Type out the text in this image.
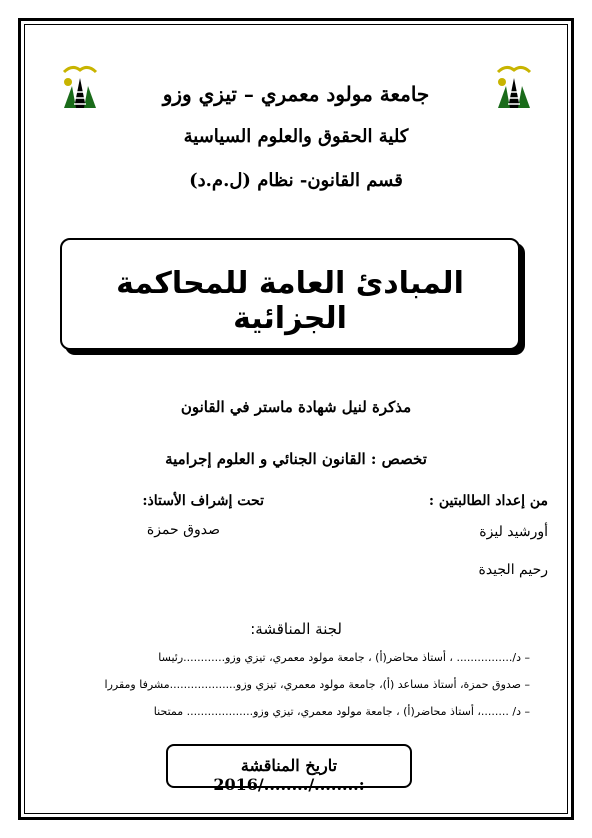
جامعة مولود معمري – تيزي وزو
كلية الحقوق والعلوم السياسية
قسم القانون- نظام (ل.م.د)
المبادئ العامة للمحاكمة الجزائية
مذكرة لنيل شهادة ماستر في القانون
تخصص : القانون الجنائي و العلوم إجرامية
من إعداد الطالبتين :
تحت إشراف الأستاذ:
أورشيد ليزة
صدوق حمزة
رحيم الجيدة
لجنة المناقشة:
– د/................ ، أستاذ محاضر(أ) ، جامعة مولود معمري، تيزي وزو............رئيسا
– صدوق حمزة، أستاذ مساعد (أ)، جامعة مولود معمري، تيزي وزو...................مشرفا ومقررا
– د/ ........، أستاذ محاضر(أ) ، جامعة مولود معمري، تيزي وزو................... ممتحنا
تاريخ المناقشة :......../......../2016
